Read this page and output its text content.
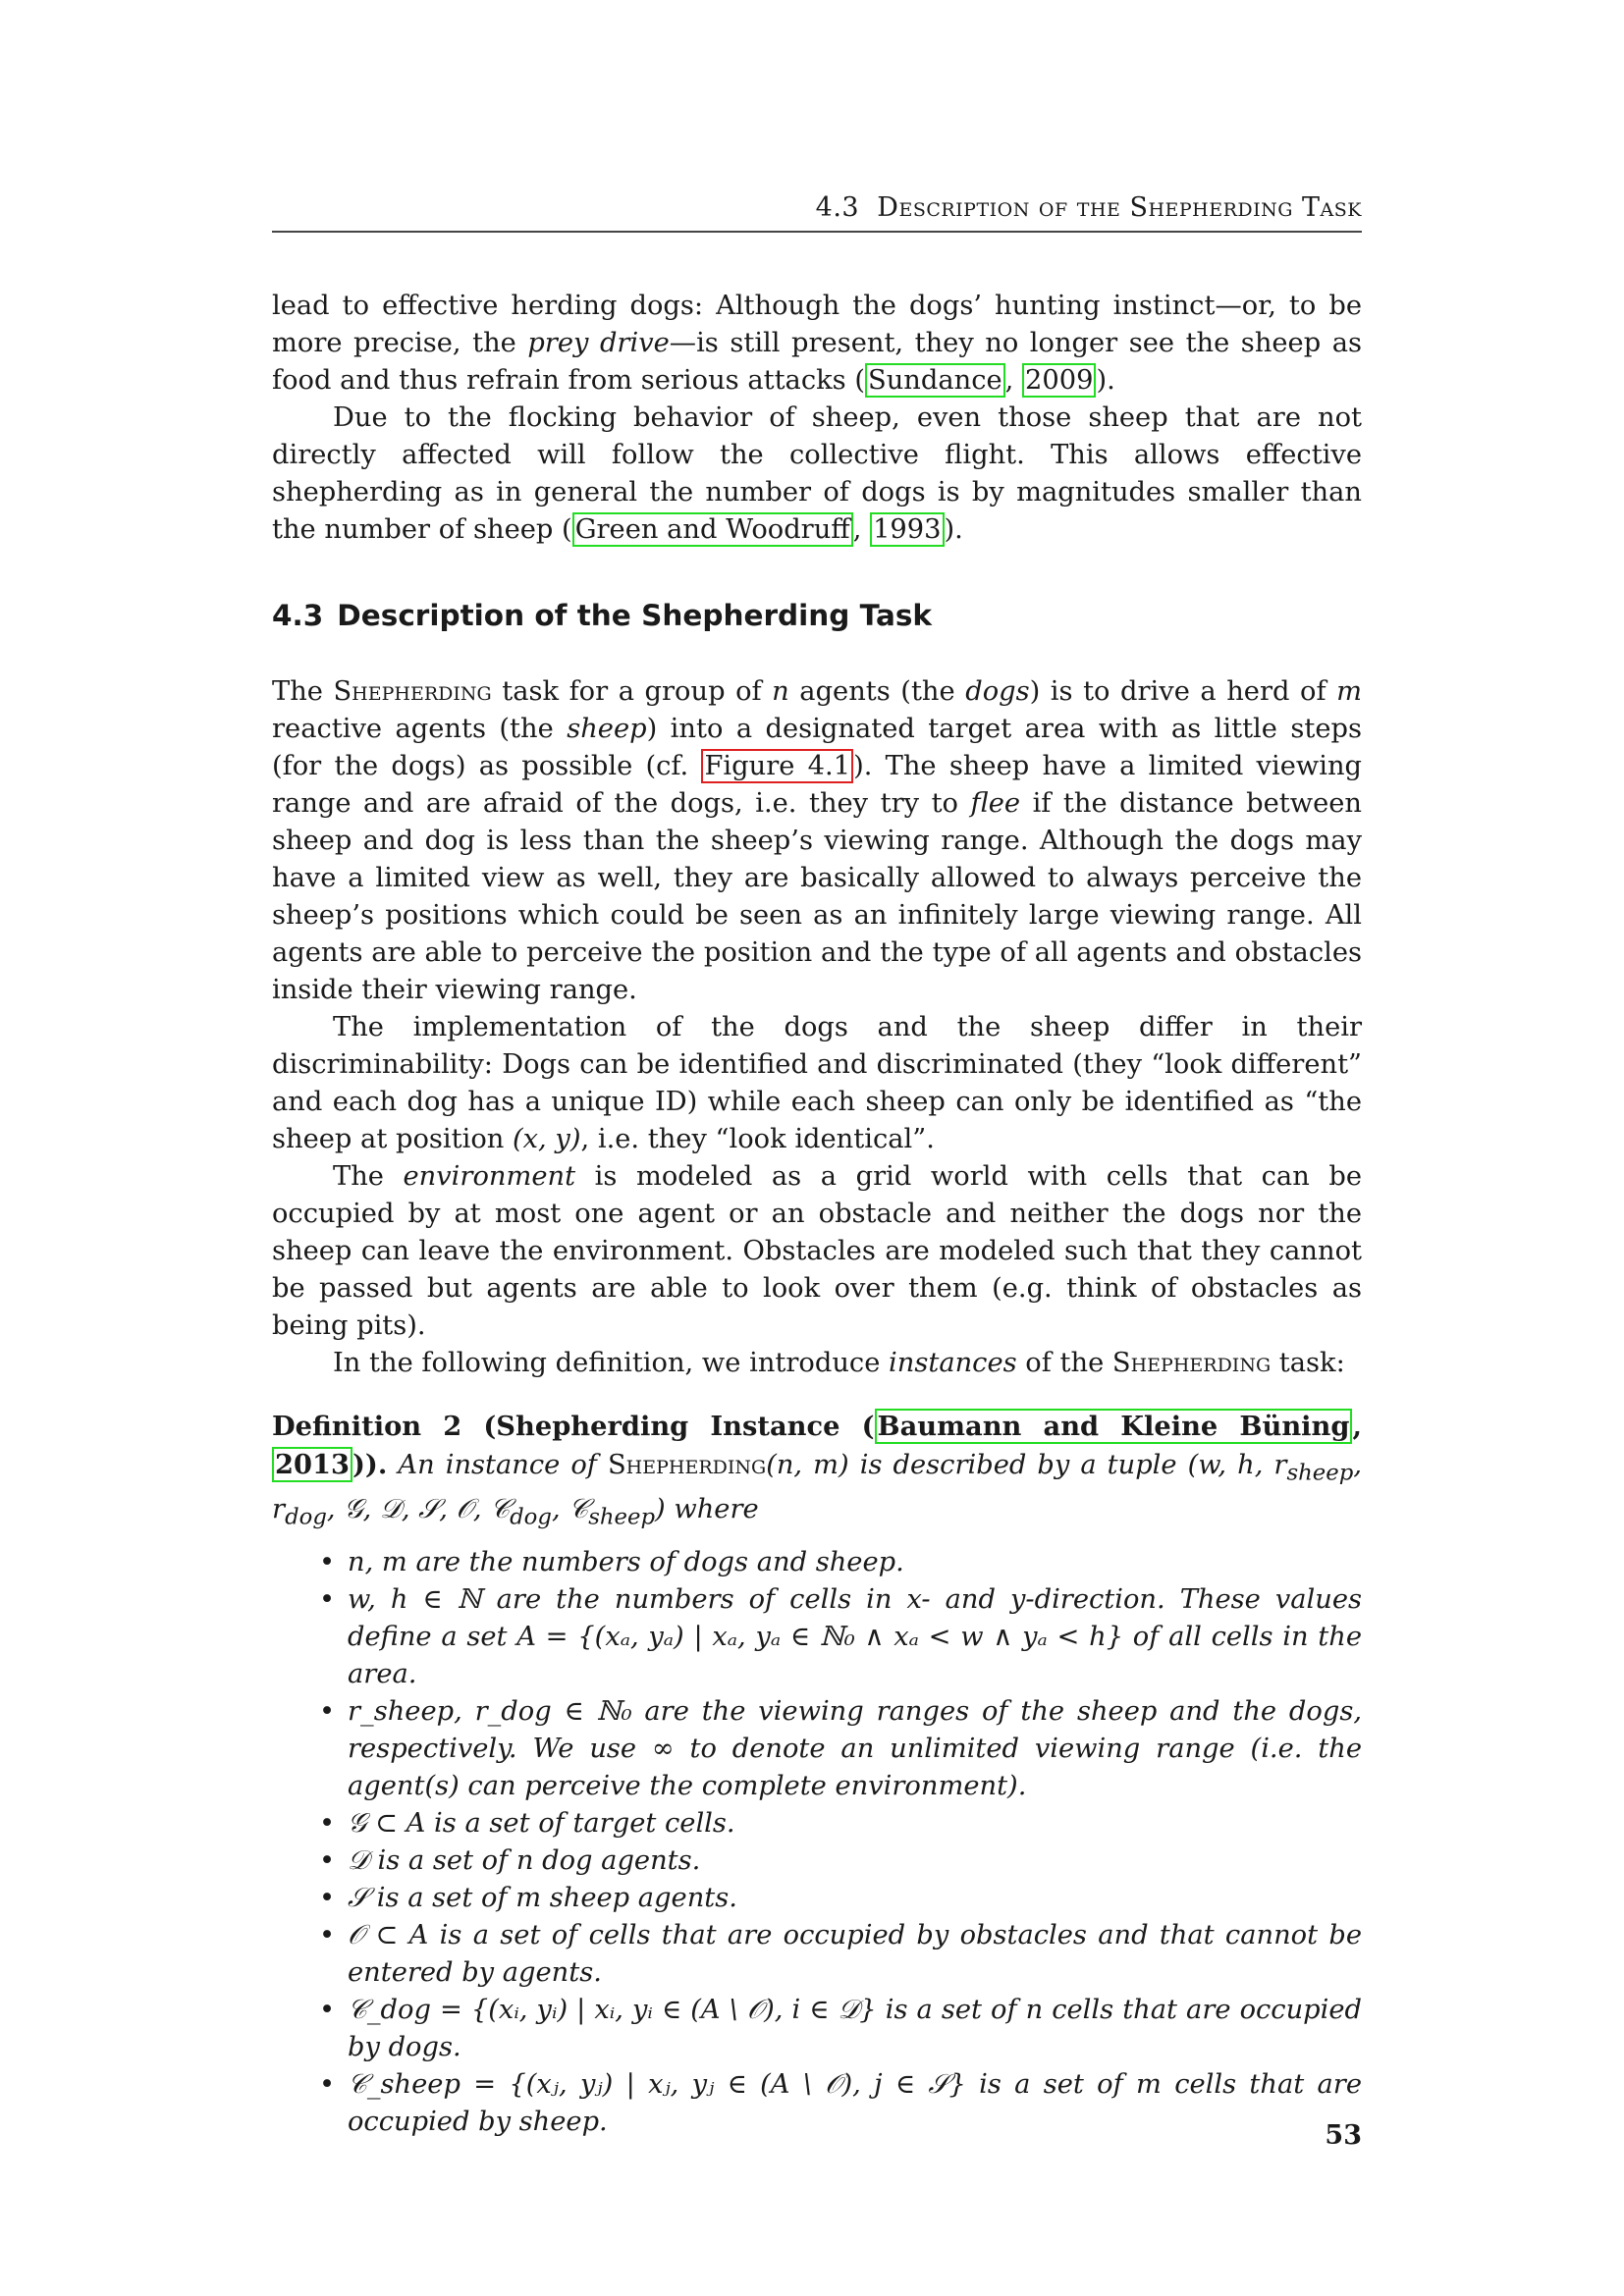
4.3 Description of the Shepherding Task

lead to effective herding dogs: Although the dogs’ hunting instinct—or, to be more precise, the prey drive—is still present, they no longer see the sheep as food and thus refrain from serious attacks ( Sundance , 2009 ).

Due to the flocking behavior of sheep, even those sheep that are not directly affected will follow the collective flight. This allows effective shepherding as in general the number of dogs is by magnitudes smaller than the number of sheep ( Green and Woodruff , 1993 ).

4.3 Description of the Shepherding Task

The Shepherding task for a group of n agents (the dogs) is to drive a herd of m reactive agents (the sheep) into a designated target area with as little steps (for the dogs) as possible (cf. Figure 4.1 ). The sheep have a limited viewing range and are afraid of the dogs, i.e. they try to flee if the distance between sheep and dog is less than the sheep’s viewing range. Although the dogs may have a limited view as well, they are basically allowed to always perceive the sheep’s positions which could be seen as an infinitely large viewing range. All agents are able to perceive the position and the type of all agents and obstacles inside their viewing range.

The implementation of the dogs and the sheep differ in their discriminability: Dogs can be identified and discriminated (they “look different” and each dog has a unique ID) while each sheep can only be identified as “the sheep at position (x, y), i.e. they “look identical”.

The environment is modeled as a grid world with cells that can be occupied by at most one agent or an obstacle and neither the dogs nor the sheep can leave the environment. Obstacles are modeled such that they cannot be passed but agents are able to look over them (e.g. think of obstacles as being pits).

In the following definition, we introduce instances of the Shepherding task:

Definition 2 (Shepherding Instance ( Baumann and Kleine Büning , 2013 )). An instance of Shepherding(n, m) is described by a tuple (w, h, $r_{sheep}$, $r_{dog}$, 𝒢, 𝒟, 𝒮, 𝒪, 𝒞$_{dog}$, 𝒞$_{sheep}$) where
• n, m are the numbers of dogs and sheep.
• w, h ∈ ℕ are the numbers of cells in x- and y-direction. These values define a set A = {(xₐ, yₐ) | xₐ, yₐ ∈ ℕ₀ ∧ xₐ < w ∧ yₐ < h} of all cells in the area.
• r_sheep, r_dog ∈ ℕ₀ are the viewing ranges of the sheep and the dogs, respectively. We use ∞ to denote an unlimited viewing range (i.e. the agent(s) can perceive the complete environment).
• 𝒢 ⊂ A is a set of target cells.
• 𝒟 is a set of n dog agents.
• 𝒮 is a set of m sheep agents.
• 𝒪 ⊂ A is a set of cells that are occupied by obstacles and that cannot be entered by agents.
• 𝒞_dog = {(xᵢ, yᵢ) | xᵢ, yᵢ ∈ (A \ 𝒪), i ∈ 𝒟} is a set of n cells that are occupied by dogs.
• 𝒞_sheep = {(xⱼ, yⱼ) | xⱼ, yⱼ ∈ (A \ 𝒪), j ∈ 𝒮} is a set of m cells that are occupied by sheep.	53
